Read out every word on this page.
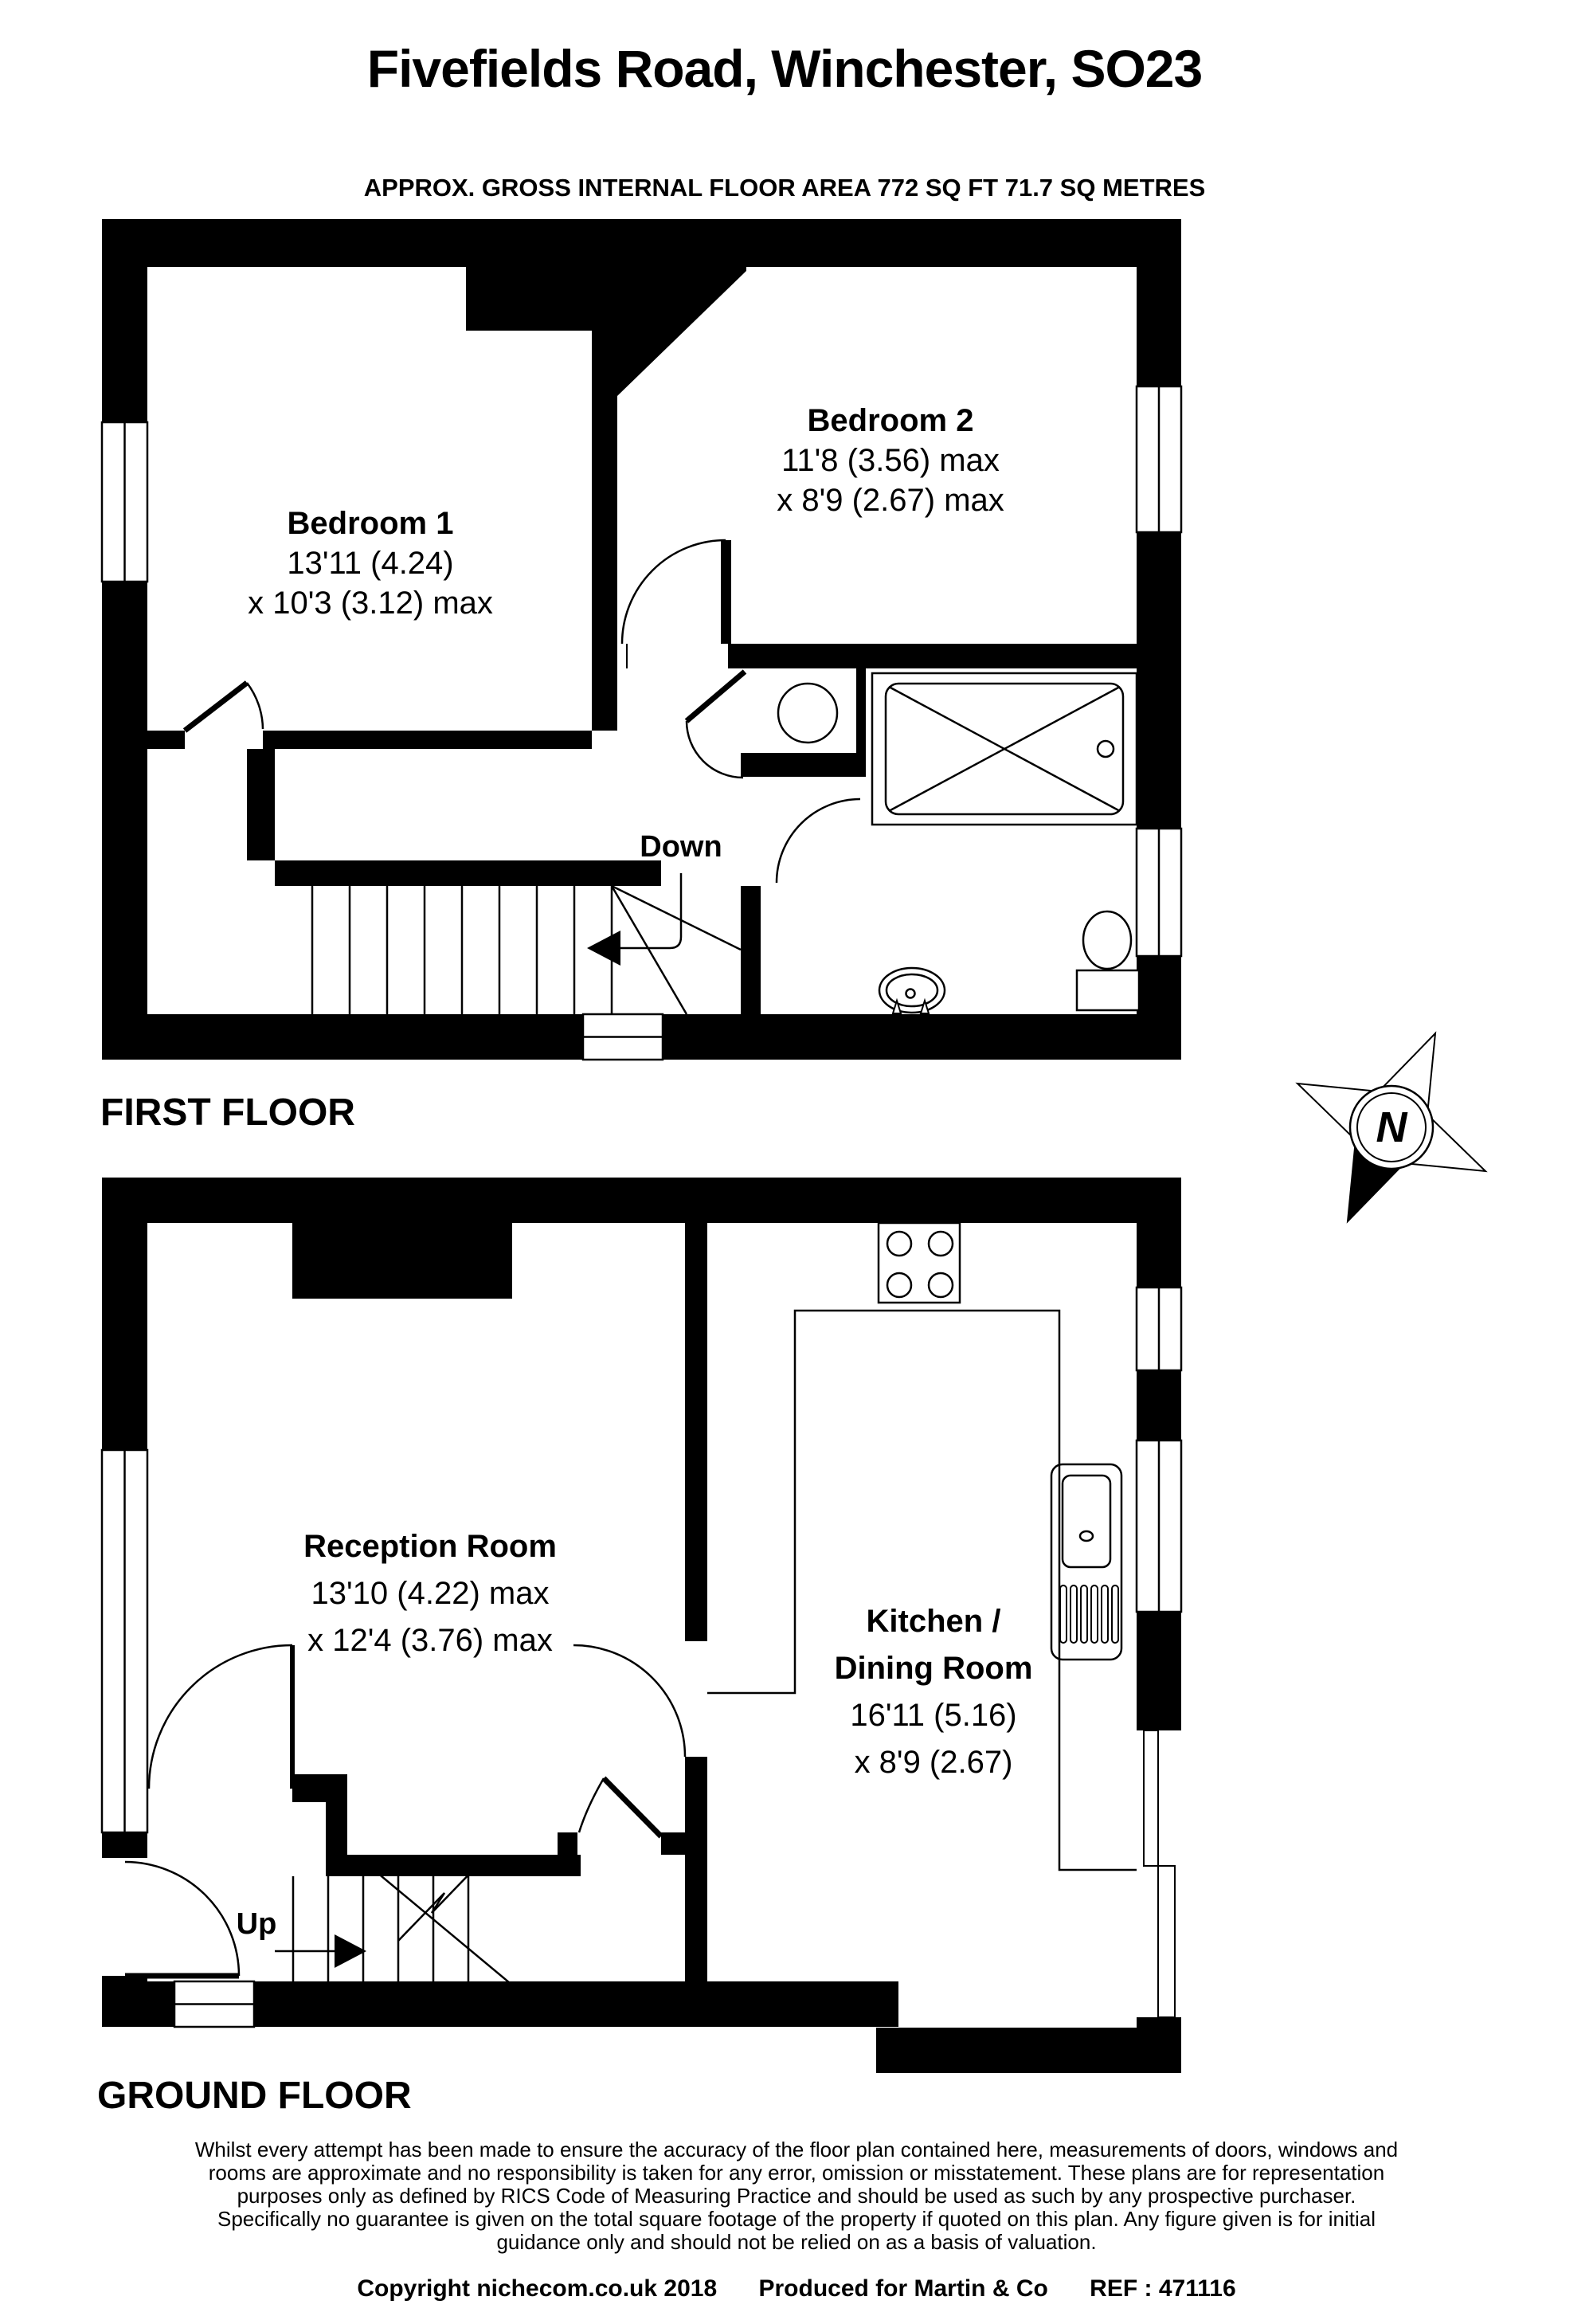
N
Fivefields Road, Winchester, SO23
APPROX. GROSS INTERNAL FLOOR AREA 772 SQ FT 71.7 SQ METRES
Bedroom 1
13'11 (4.24)
x 10'3 (3.12) max
Bedroom 2
11'8 (3.56) max
x 8'9 (2.67) max
Down
FIRST FLOOR
Reception Room
13'10 (4.22) max
x 12'4 (3.76) max
Kitchen /
Dining Room
16'11 (5.16)
x 8'9 (2.67)
Up
GROUND FLOOR
Whilst every attempt has been made to ensure the accuracy of the floor plan contained here, measurements of doors, windows and
rooms are approximate and no responsibility is taken for any error, omission or misstatement. These plans are for representation
purposes only as defined by RICS Code of Measuring Practice and should be used as such by any prospective purchaser.
Specifically no guarantee is given on the total square footage of the property if quoted on this plan. Any figure given is for initial
guidance only and should not be relied on as a basis of valuation.
Copyright nichecom.co.uk 2018 Produced for Martin & Co REF : 471116
